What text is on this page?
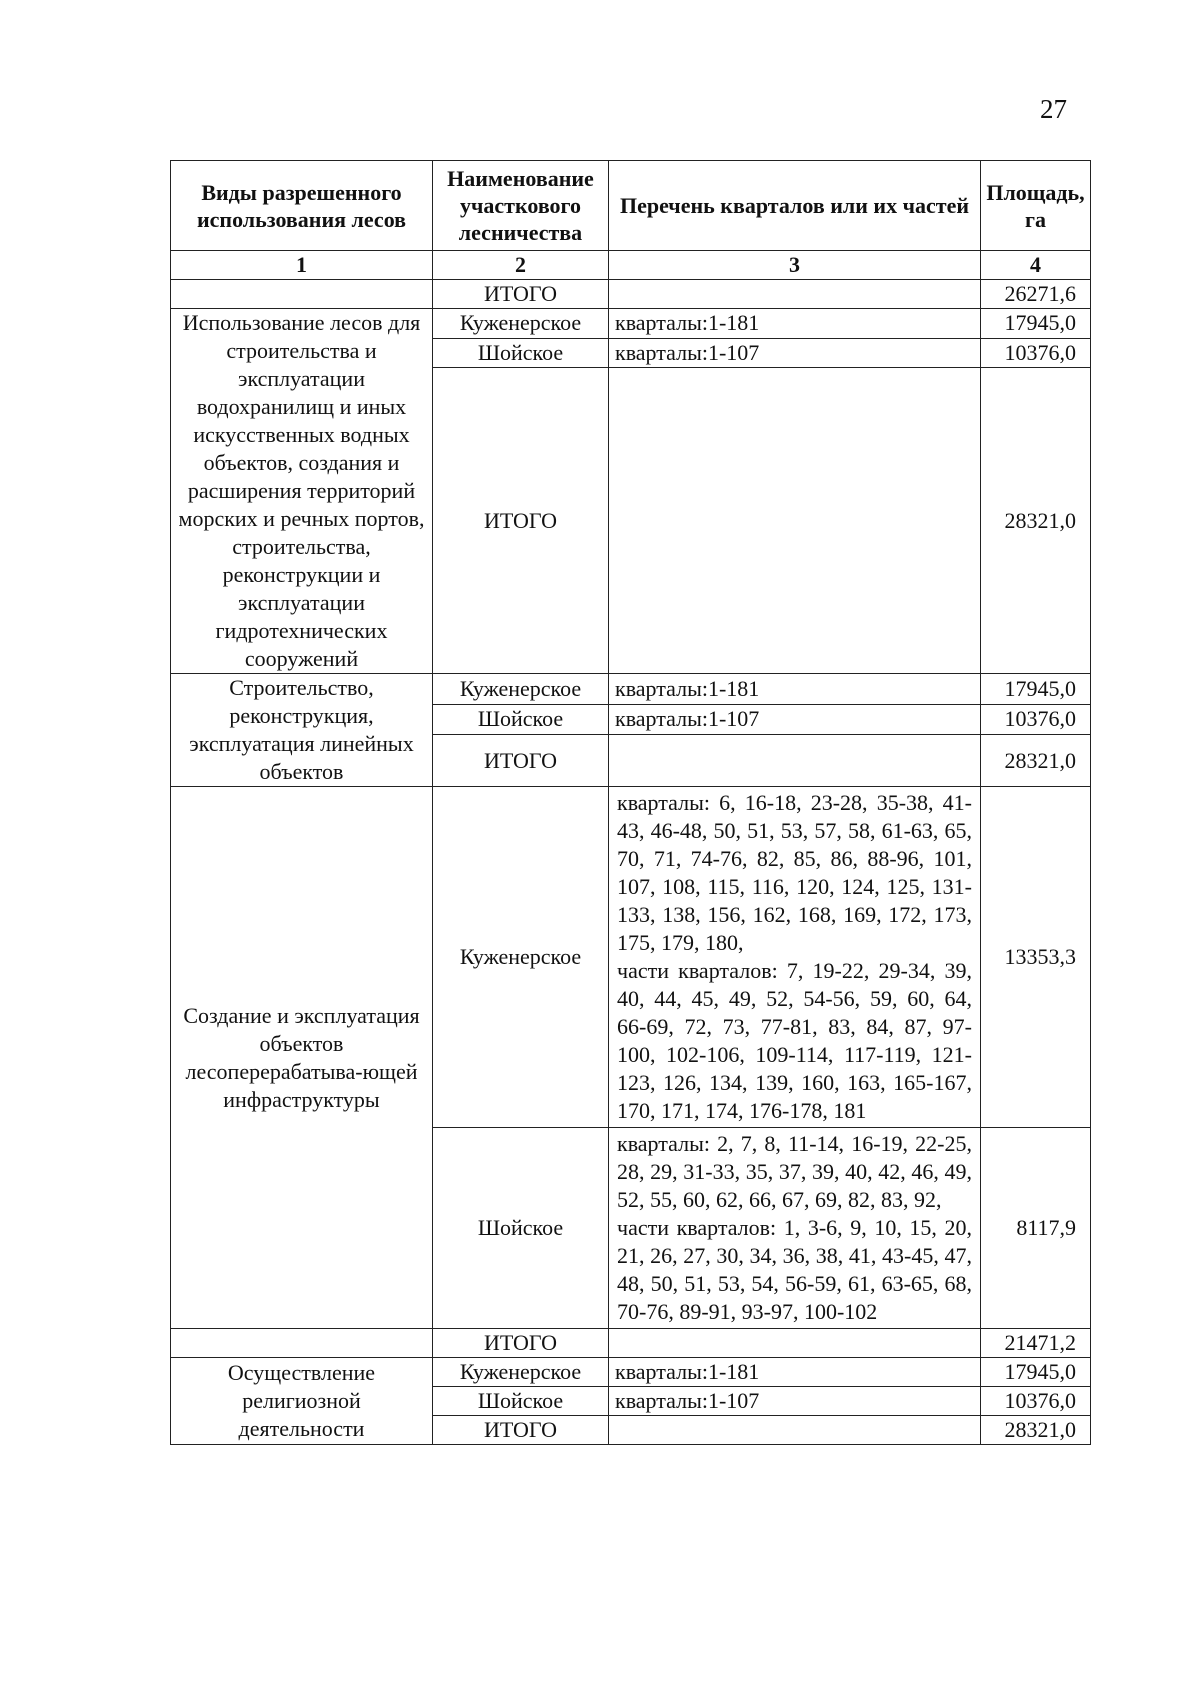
27
Виды разрешенного использования лесов	Наименование участкового лесничества	Перечень кварталов или их частей	Площадь, га
1	2	3	4
	ИТОГО		26271,6
Использование лесов для строительства и эксплуатации водохранилищ и иных искусственных водных объектов, создания и расширения территорий морских и речных портов, строительства, реконструкции и эксплуатации гидротехнических сооружений	Куженерское	кварталы:1-181	17945,0
	Шойское	кварталы:1-107	10376,0
	ИТОГО		28321,0
Строительство, реконструкция, эксплуатация линейных объектов	Куженерское	кварталы:1-181	17945,0
	Шойское	кварталы:1-107	10376,0
	ИТОГО		28321,0
Создание и эксплуатация объектов лесоперерабатыва-ющей инфраструктуры	Куженерское	кварталы: 6, 16-18, 23-28, 35-38, 41-43, 46-48, 50, 51, 53, 57, 58, 61-63, 65, 70, 71, 74-76, 82, 85, 86, 88-96, 101, 107, 108, 115, 116, 120, 124, 125, 131-133, 138, 156, 162, 168, 169, 172, 173, 175, 179, 180,
части кварталов: 7, 19-22, 29-34, 39, 40, 44, 45, 49, 52, 54-56, 59, 60, 64, 66-69, 72, 73, 77-81, 83, 84, 87, 97-100, 102-106, 109-114, 117-119, 121-123, 126, 134, 139, 160, 163, 165-167, 170, 171, 174, 176-178, 181	13353,3
	Шойское	кварталы: 2, 7, 8, 11-14, 16-19, 22-25, 28, 29, 31-33, 35, 37, 39, 40, 42, 46, 49, 52, 55, 60, 62, 66, 67, 69, 82, 83, 92,
части кварталов: 1, 3-6, 9, 10, 15, 20, 21, 26, 27, 30, 34, 36, 38, 41, 43-45, 47, 48, 50, 51, 53, 54, 56-59, 61, 63-65, 68, 70-76, 89-91, 93-97, 100-102	8117,9
	ИТОГО		21471,2
Осуществление религиозной деятельности	Куженерское	кварталы:1-181	17945,0
	Шойское	кварталы:1-107	10376,0
	ИТОГО		28321,0
